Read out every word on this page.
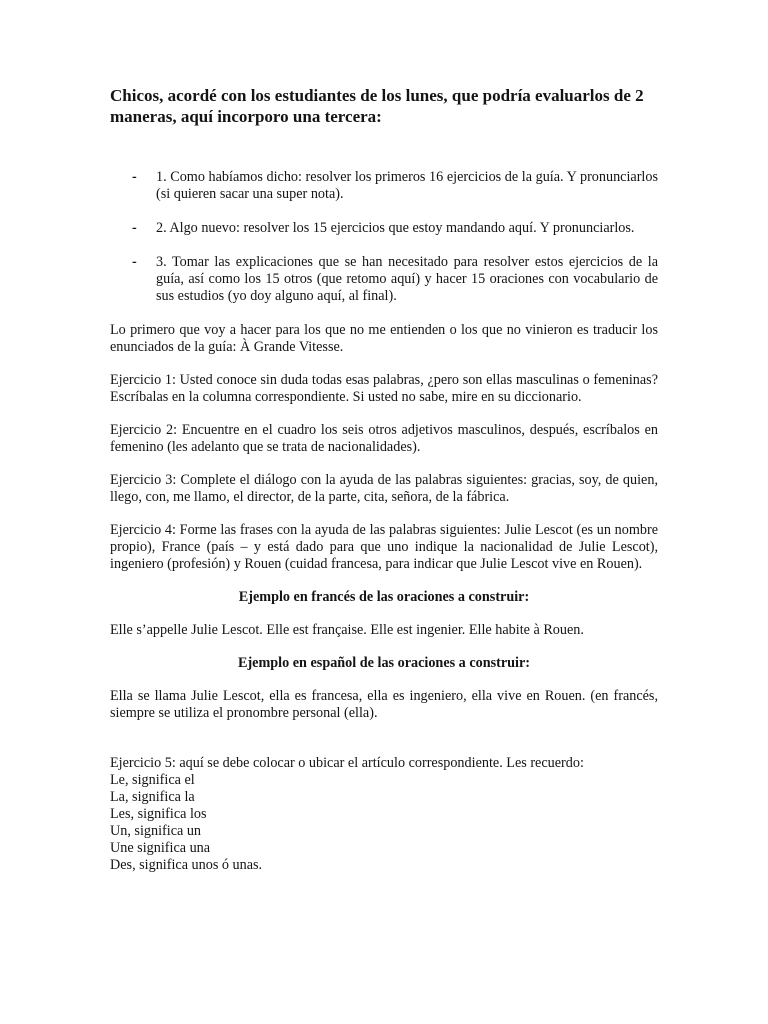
Chicos, acordé con los estudiantes de los lunes, que podría evaluarlos de 2 maneras, aquí incorporo una tercera:

- 1. Como habíamos dicho: resolver los primeros 16 ejercicios de la guía. Y pronunciarlos (si quieren sacar una super nota).
- 2. Algo nuevo: resolver los 15 ejercicios que estoy mandando aquí. Y pronunciarlos.
- 3. Tomar las explicaciones que se han necesitado para resolver estos ejercicios de la guía, así como los 15 otros (que retomo aquí) y hacer 15 oraciones con vocabulario de sus estudios (yo doy alguno aquí, al final).

Lo primero que voy a hacer para los que no me entienden o los que no vinieron es traducir los enunciados de la guía: À Grande Vitesse.

Ejercicio 1: Usted conoce sin duda todas esas palabras, ¿pero son ellas masculinas o femeninas? Escríbalas en la columna correspondiente. Si usted no sabe, mire en su diccionario.

Ejercicio 2: Encuentre en el cuadro los seis otros adjetivos masculinos, después, escríbalos en femenino (les adelanto que se trata de nacionalidades).

Ejercicio 3: Complete el diálogo con la ayuda de las palabras siguientes: gracias, soy, de quien, llego, con, me llamo, el director, de la parte, cita, señora, de la fábrica.

Ejercicio 4: Forme las frases con la ayuda de las palabras siguientes: Julie Lescot (es un nombre propio), France (país – y está dado para que uno indique la nacionalidad de Julie Lescot), ingeniero (profesión) y Rouen (cuidad francesa, para indicar que Julie Lescot vive en Rouen).

Ejemplo en francés de las oraciones a construir:

Elle s’appelle Julie Lescot. Elle est française. Elle est ingenier. Elle habite à Rouen.

Ejemplo en español de las oraciones a construir:

Ella se llama Julie Lescot, ella es francesa, ella es ingeniero, ella vive en Rouen. (en francés, siempre se utiliza el pronombre personal (ella).

Ejercicio 5: aquí se debe colocar o ubicar el artículo correspondiente. Les recuerdo:
Le, significa el
La, significa la
Les, significa los
Un, significa un
Une significa una
Des, significa unos ó unas.
